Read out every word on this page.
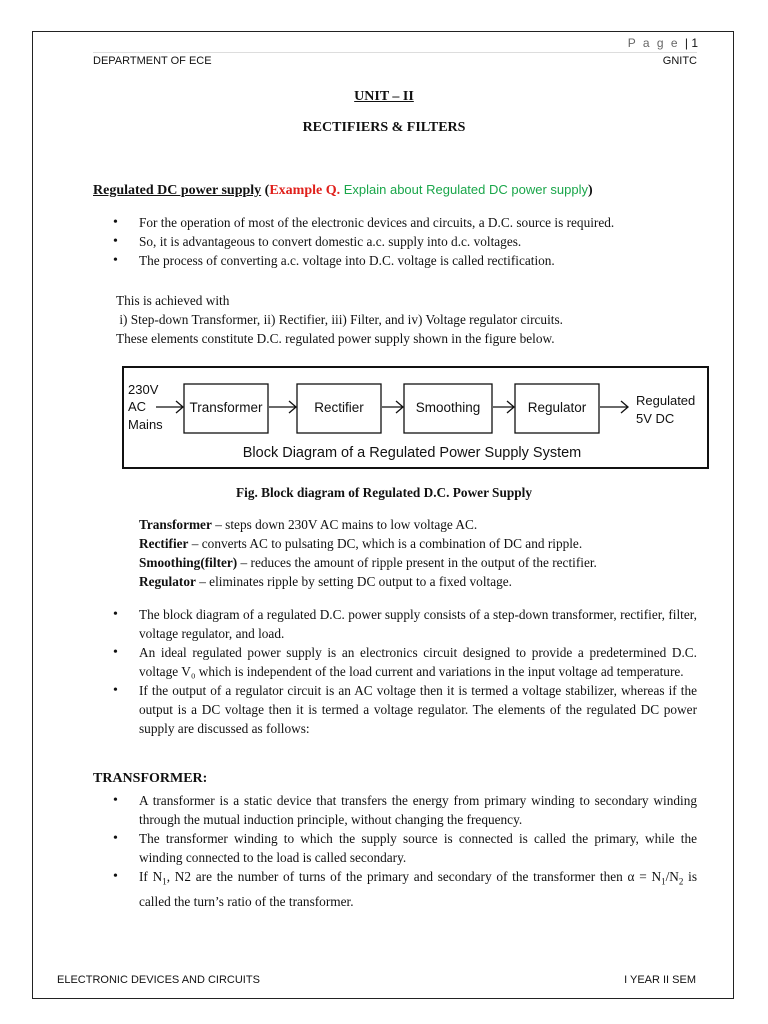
P a g e | 1
DEPARTMENT OF ECE	GNITC
UNIT – II
RECTIFIERS & FILTERS
Regulated DC power supply (Example Q. Explain about Regulated DC power supply)
• For the operation of most of the electronic devices and circuits, a D.C. source is required.
• So, it is advantageous to convert domestic a.c. supply into d.c. voltages.
• The process of converting a.c. voltage into D.C. voltage is called rectification.
This is achieved with
i) Step-down Transformer, ii) Rectifier, iii) Filter, and iv) Voltage regulator circuits.
These elements constitute D.C. regulated power supply shown in the figure below.
230V
AC
Mains
Transformer	Rectifier	Smoothing	Regulator	Regulated
5V DC
Block Diagram of a Regulated Power Supply System
Fig. Block diagram of Regulated D.C. Power Supply
Transformer – steps down 230V AC mains to low voltage AC.
Rectifier – converts AC to pulsating DC, which is a combination of DC and ripple.
Smoothing(filter) – reduces the amount of ripple present in the output of the rectifier.
Regulator – eliminates ripple by setting DC output to a fixed voltage.
• The block diagram of a regulated D.C. power supply consists of a step-down transformer, rectifier, filter, voltage regulator, and load.
• An ideal regulated power supply is an electronics circuit designed to provide a predetermined D.C. voltage V₀ which is independent of the load current and variations in the input voltage ad temperature.
• If the output of a regulator circuit is an AC voltage then it is termed a voltage stabilizer, whereas if the output is a DC voltage then it is termed a voltage regulator. The elements of the regulated DC power supply are discussed as follows:
TRANSFORMER:
• A transformer is a static device that transfers the energy from primary winding to secondary winding through the mutual induction principle, without changing the frequency.
• The transformer winding to which the supply source is connected is called the primary, while the winding connected to the load is called secondary.
• If $N_1$, N2 are the number of turns of the primary and secondary of the transformer then $\alpha = N_1/N_2$ is called the turn’s ratio of the transformer.
ELECTRONIC DEVICES AND CIRCUITS	I YEAR II SEM
